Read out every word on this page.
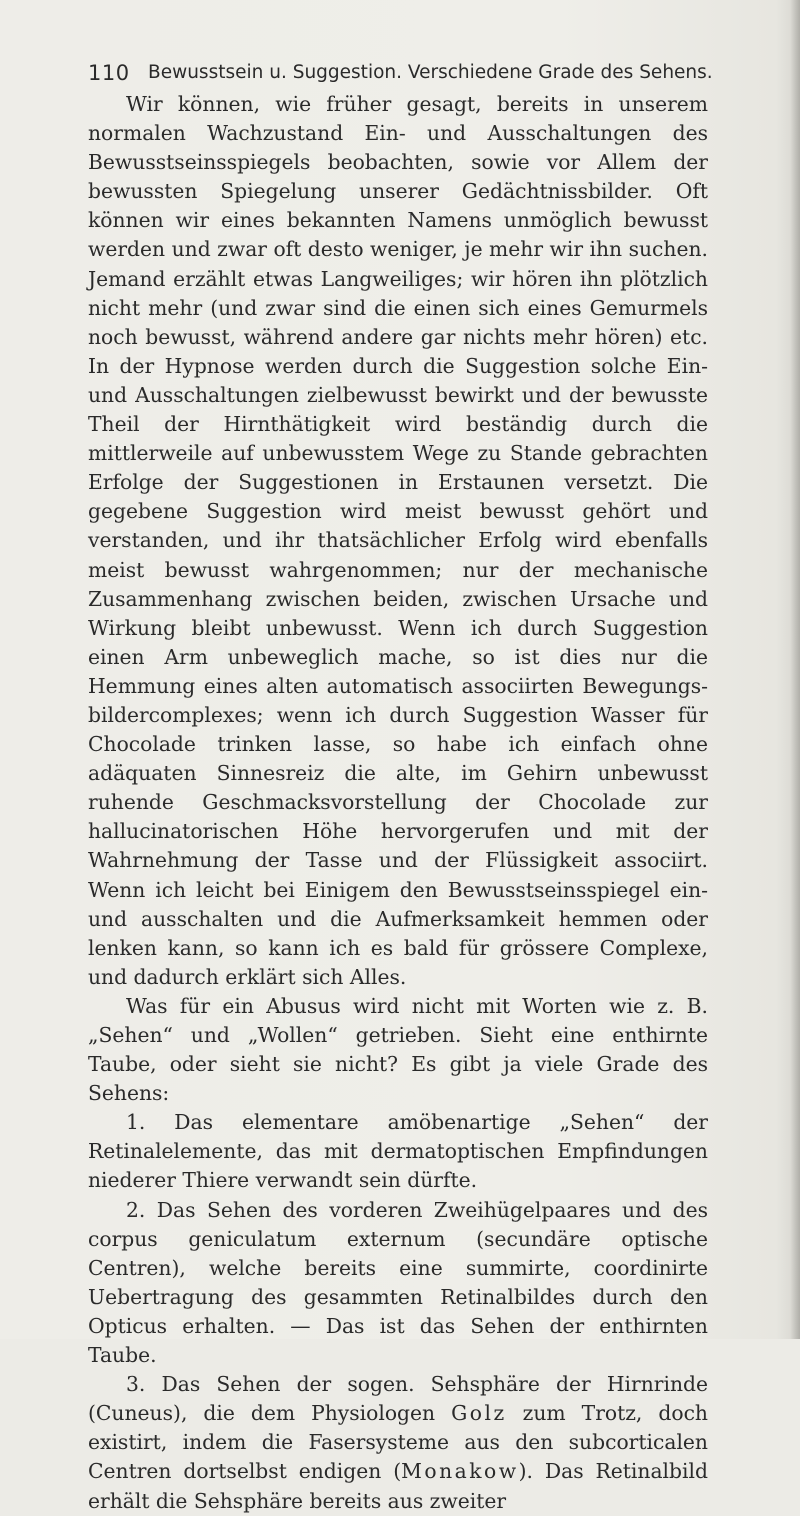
110 Bewusstsein u. Suggestion. Verschiedene Grade des Sehens.

Wir können, wie früher gesagt, bereits in unserem normalen Wachzustand Ein- und Ausschaltungen des Bewusstseinsspiegels beobachten, sowie vor Allem der bewussten Spiegelung unserer Gedächtnissbilder. Oft können wir eines bekannten Namens unmöglich bewusst werden und zwar oft desto weniger, je mehr wir ihn suchen. Jemand erzählt etwas Langweiliges; wir hören ihn plötzlich nicht mehr (und zwar sind die einen sich eines Gemurmels noch bewusst, während andere gar nichts mehr hören) etc. In der Hypnose werden durch die Suggestion solche Ein- und Ausschaltungen zielbewusst bewirkt und der bewusste Theil der Hirnthätigkeit wird beständig durch die mittlerweile auf unbewusstem Wege zu Stande gebrachten Erfolge der Suggestionen in Erstaunen versetzt. Die gegebene Suggestion wird meist bewusst gehört und verstanden, und ihr thatsächlicher Erfolg wird ebenfalls meist bewusst wahrgenommen; nur der mechanische Zusammenhang zwischen beiden, zwischen Ursache und Wirkung bleibt unbewusst. Wenn ich durch Suggestion einen Arm unbeweglich mache, so ist dies nur die Hemmung eines alten automatisch associirten Bewegungsbildercomplexes; wenn ich durch Suggestion Wasser für Chocolade trinken lasse, so habe ich einfach ohne adäquaten Sinnesreiz die alte, im Gehirn unbewusst ruhende Geschmacksvorstellung der Chocolade zur hallucinatorischen Höhe hervorgerufen und mit der Wahrnehmung der Tasse und der Flüssigkeit associirt. Wenn ich leicht bei Einigem den Bewusstseinsspiegel ein- und ausschalten und die Aufmerksamkeit hemmen oder lenken kann, so kann ich es bald für grössere Complexe, und dadurch erklärt sich Alles.

Was für ein Abusus wird nicht mit Worten wie z. B. „Sehen“ und „Wollen“ getrieben. Sieht eine enthirnte Taube, oder sieht sie nicht? Es gibt ja viele Grade des Sehens:

1. Das elementare amöbenartige „Sehen“ der Retinalelemente, das mit dermatoptischen Empfindungen niederer Thiere verwandt sein dürfte.

2. Das Sehen des vorderen Zweihügelpaares und des corpus geniculatum externum (secundäre optische Centren), welche bereits eine summirte, coordinirte Uebertragung des gesammten Retinalbildes durch den Opticus erhalten. — Das ist das Sehen der enthirnten Taube.

3. Das Sehen der sogen. Sehsphäre der Hirnrinde (Cuneus), die dem Physiologen Golz zum Trotz, doch existirt, indem die Fasersysteme aus den subcorticalen Centren dortselbst endigen (Monakow). Das Retinalbild erhält die Sehsphäre bereits aus zweiter
